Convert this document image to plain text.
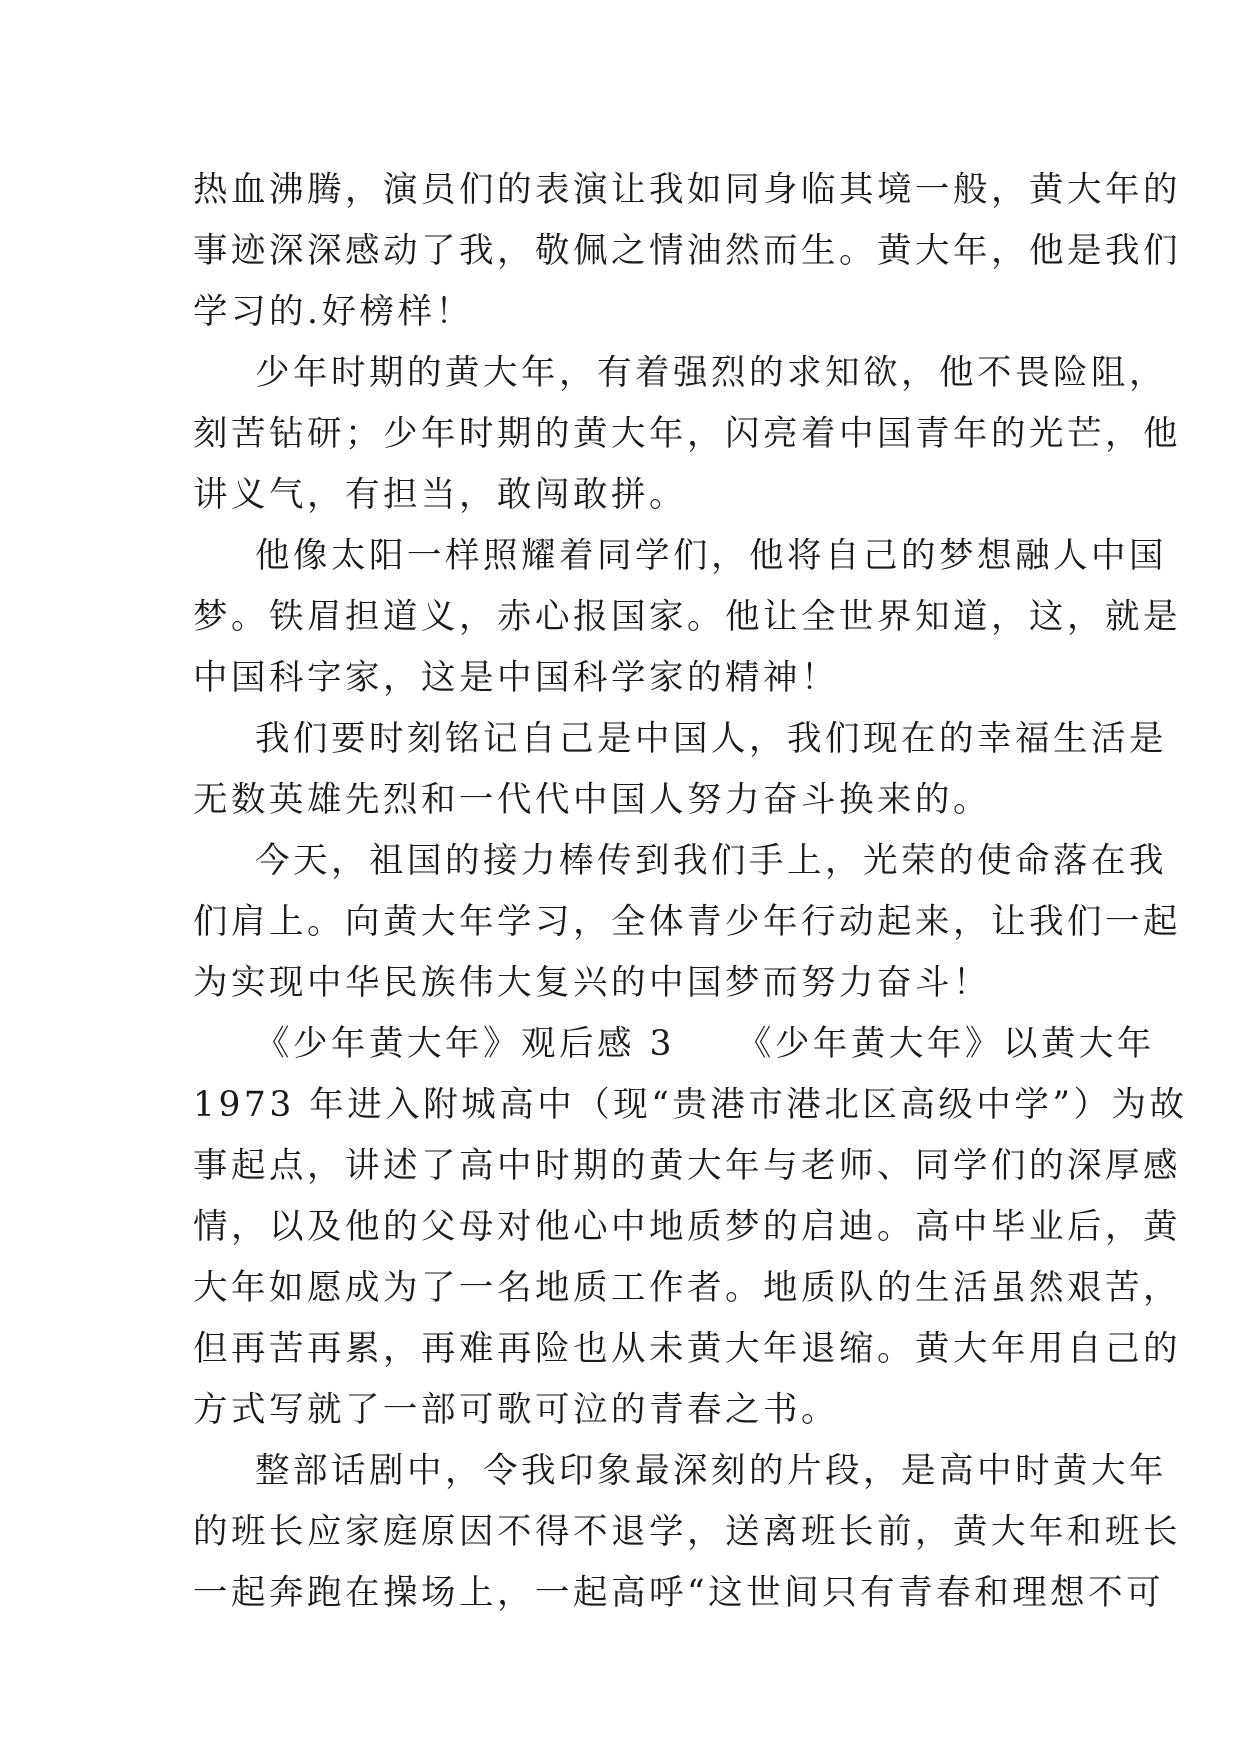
热血沸腾，演员们的表演让我如同身临其境一般，黄大年的
事迹深深感动了我，敬佩之情油然而生。黄大年，他是我们
学习的.好榜样！
少年时期的黄大年，有着强烈的求知欲，他不畏险阻，
刻苦钻研；少年时期的黄大年，闪亮着中国青年的光芒，他
讲义气，有担当，敢闯敢拼。
他像太阳一样照耀着同学们，他将自己的梦想融人中国
梦。铁眉担道义，赤心报国家。他让全世界知道，这，就是
中国科字家，这是中国科学家的精神！
我们要时刻铭记自己是中国人，我们现在的幸福生活是
无数英雄先烈和一代代中国人努力奋斗换来的。
今天，祖国的接力棒传到我们手上，光荣的使命落在我
们肩上。向黄大年学习，全体青少年行动起来，让我们一起
为实现中华民族伟大复兴的中国梦而努力奋斗！
《少年黄大年》观后感 3 《少年黄大年》以黄大年
1973 年进入附城高中（现“贵港市港北区高级中学”）为故
事起点，讲述了高中时期的黄大年与老师、同学们的深厚感
情，以及他的父母对他心中地质梦的启迪。高中毕业后，黄
大年如愿成为了一名地质工作者。地质队的生活虽然艰苦，
但再苦再累，再难再险也从未黄大年退缩。黄大年用自己的
方式写就了一部可歌可泣的青春之书。
整部话剧中，令我印象最深刻的片段，是高中时黄大年
的班长应家庭原因不得不退学，送离班长前，黄大年和班长
一起奔跑在操场上，一起高呼“这世间只有青春和理想不可
